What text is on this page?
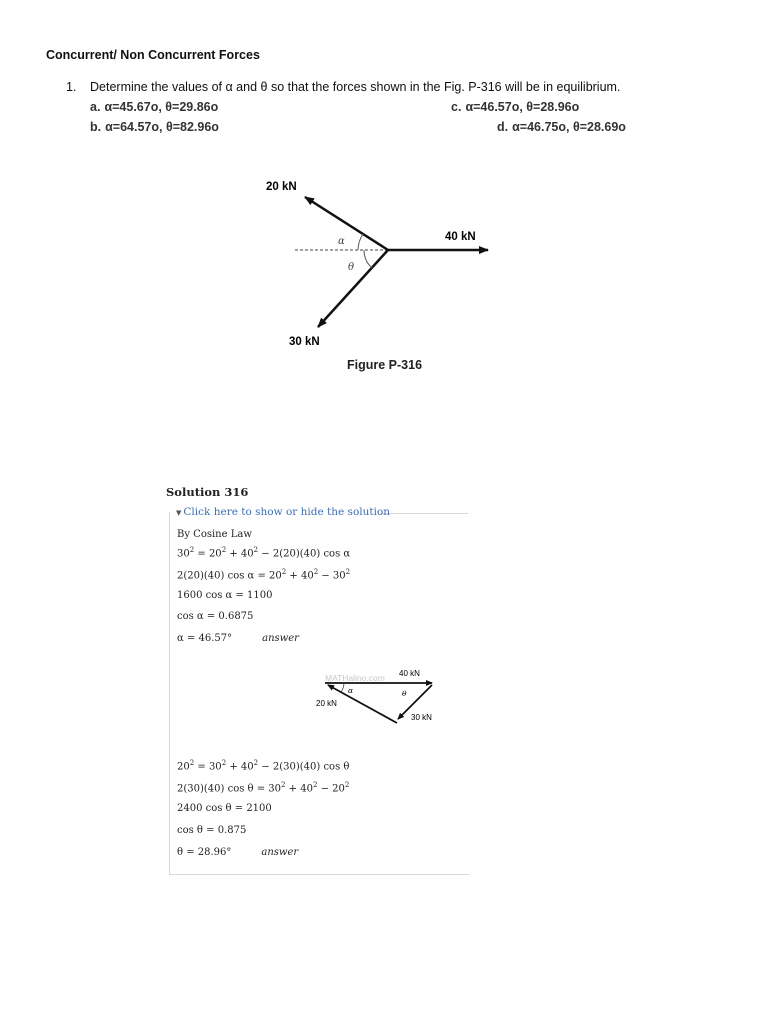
Concurrent/ Non Concurrent Forces
1. Determine the values of α and θ so that the forces shown in the Fig. P-316 will be in equilibrium.
a. α=45.67ο, θ=29.86ο
b. α=64.57ο, θ=82.96ο
c. α=46.57ο, θ=28.96ο
d. α=46.75ο, θ=28.69ο
20 kN
40 kN
30 kN
α
θ
Figure P-316
Solution 316
▼ Click here to show or hide the solution
By Cosine Law
$30^2 = 20^2 + 40^2 - 2(20)(40)$ cos α
2(20)(40) $\cos \alpha = 20^2 + 40^2 - 30^2$
1600 cos α = 1100
cos α = 0.6875
α = 46.57°	answer
MATHalino.com
α	θ
40 kN
20 kN
30 kN
$20^2 = 30^2 + 40^2 - 2(30)(40)$ cos θ
2(30)(40) $\cos \theta = 30^2 + 40^2 - 20^2$
2400 cos θ = 2100
cos θ = 0.875
θ = 28.96°	answer
